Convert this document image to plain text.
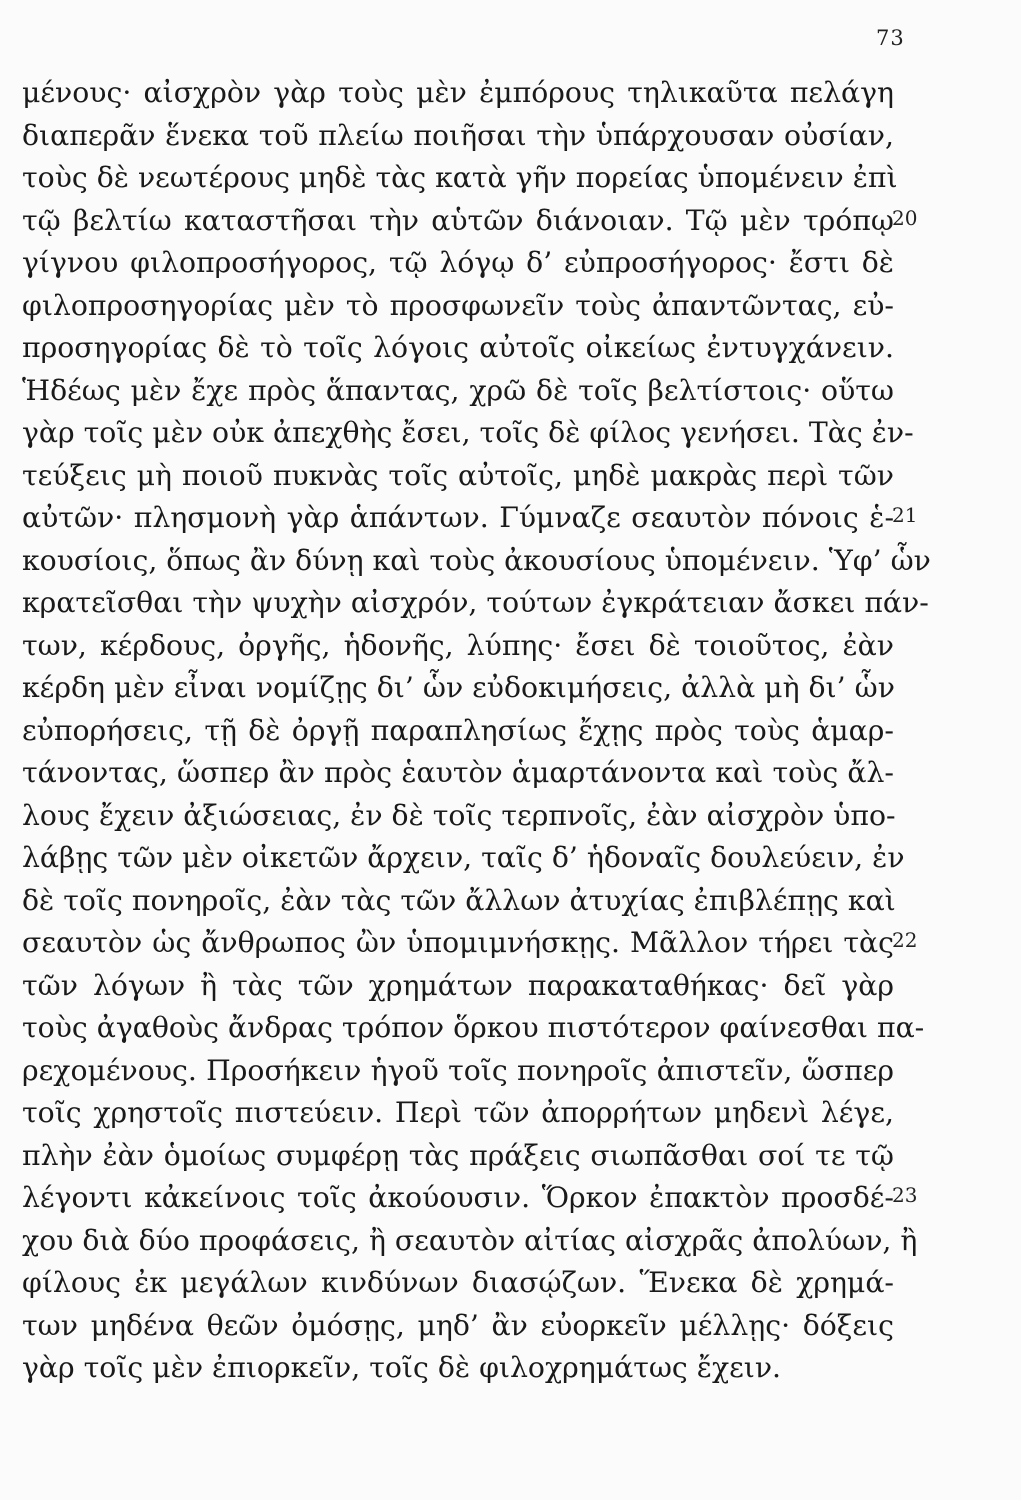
73
μένους· αἰσχρὸν γὰρ τοὺς μὲν ἐμπόρους τηλικαῦτα πελάγη
διαπερᾶν ἕνεκα τοῦ πλείω ποιῆσαι τὴν ὑπάρχουσαν οὐσίαν,
τοὺς δὲ νεωτέρους μηδὲ τὰς κατὰ γῆν πορείας ὑπομένειν ἐπὶ
τῷ βελτίω καταστῆσαι τὴν αὑτῶν διάνοιαν. Τῷ μὲν τρόπῳ
γίγνου φιλοπροσήγορος, τῷ λόγῳ δ’ εὐπροσήγορος· ἔστι δὲ
φιλοπροσηγορίας μὲν τὸ προσφωνεῖν τοὺς ἀπαντῶντας, εὐ-
προσηγορίας δὲ τὸ τοῖς λόγοις αὐτοῖς οἰκείως ἐντυγχάνειν.
Ἡδέως μὲν ἔχε πρὸς ἅπαντας, χρῶ δὲ τοῖς βελτίστοις· οὕτω
γὰρ τοῖς μὲν οὐκ ἀπεχθὴς ἔσει, τοῖς δὲ φίλος γενήσει. Τὰς ἐν-
τεύξεις μὴ ποιοῦ πυκνὰς τοῖς αὐτοῖς, μηδὲ μακρὰς περὶ τῶν
αὐτῶν· πλησμονὴ γὰρ ἁπάντων. Γύμναζε σεαυτὸν πόνοις ἑ-
κουσίοις, ὅπως ἂν δύνῃ καὶ τοὺς ἀκουσίους ὑπομένειν. Ὑφ’ ὧν
κρατεῖσθαι τὴν ψυχὴν αἰσχρόν, τούτων ἐγκράτειαν ἄσκει πάν-
των, κέρδους, ὀργῆς, ἡδονῆς, λύπης· ἔσει δὲ τοιοῦτος, ἐὰν
κέρδη μὲν εἶναι νομίζῃς δι’ ὧν εὐδοκιμήσεις, ἀλλὰ μὴ δι’ ὧν
εὐπορήσεις, τῇ δὲ ὀργῇ παραπλησίως ἔχῃς πρὸς τοὺς ἁμαρ-
τάνοντας, ὥσπερ ἂν πρὸς ἑαυτὸν ἁμαρτάνοντα καὶ τοὺς ἄλ-
λους ἔχειν ἀξιώσειας, ἐν δὲ τοῖς τερπνοῖς, ἐὰν αἰσχρὸν ὑπο-
λάβῃς τῶν μὲν οἰκετῶν ἄρχειν, ταῖς δ’ ἡδοναῖς δουλεύειν, ἐν
δὲ τοῖς πονηροῖς, ἐὰν τὰς τῶν ἄλλων ἀτυχίας ἐπιβλέπῃς καὶ
σεαυτὸν ὡς ἄνθρωπος ὢν ὑπομιμνήσκῃς. Μᾶλλον τήρει τὰς
τῶν λόγων ἢ τὰς τῶν χρημάτων παρακαταθήκας· δεῖ γὰρ
τοὺς ἀγαθοὺς ἄνδρας τρόπον ὅρκου πιστότερον φαίνεσθαι πα-
ρεχομένους. Προσήκειν ἡγοῦ τοῖς πονηροῖς ἀπιστεῖν, ὥσπερ
τοῖς χρηστοῖς πιστεύειν. Περὶ τῶν ἀπορρήτων μηδενὶ λέγε,
πλὴν ἐὰν ὁμοίως συμφέρῃ τὰς πράξεις σιωπᾶσθαι σοί τε τῷ
λέγοντι κἀκείνοις τοῖς ἀκούουσιν. Ὅρκον ἐπακτὸν προσδέ-
χου διὰ δύο προφάσεις, ἢ σεαυτὸν αἰτίας αἰσχρᾶς ἀπολύων, ἢ
φίλους ἐκ μεγάλων κινδύνων διασῴζων. Ἕνεκα δὲ χρημά-
των μηδένα θεῶν ὀμόσῃς, μηδ’ ἂν εὐορκεῖν μέλλῃς· δόξεις
γὰρ τοῖς μὲν ἐπιορκεῖν, τοῖς δὲ φιλοχρημάτως ἔχειν.
20
21
22
23
